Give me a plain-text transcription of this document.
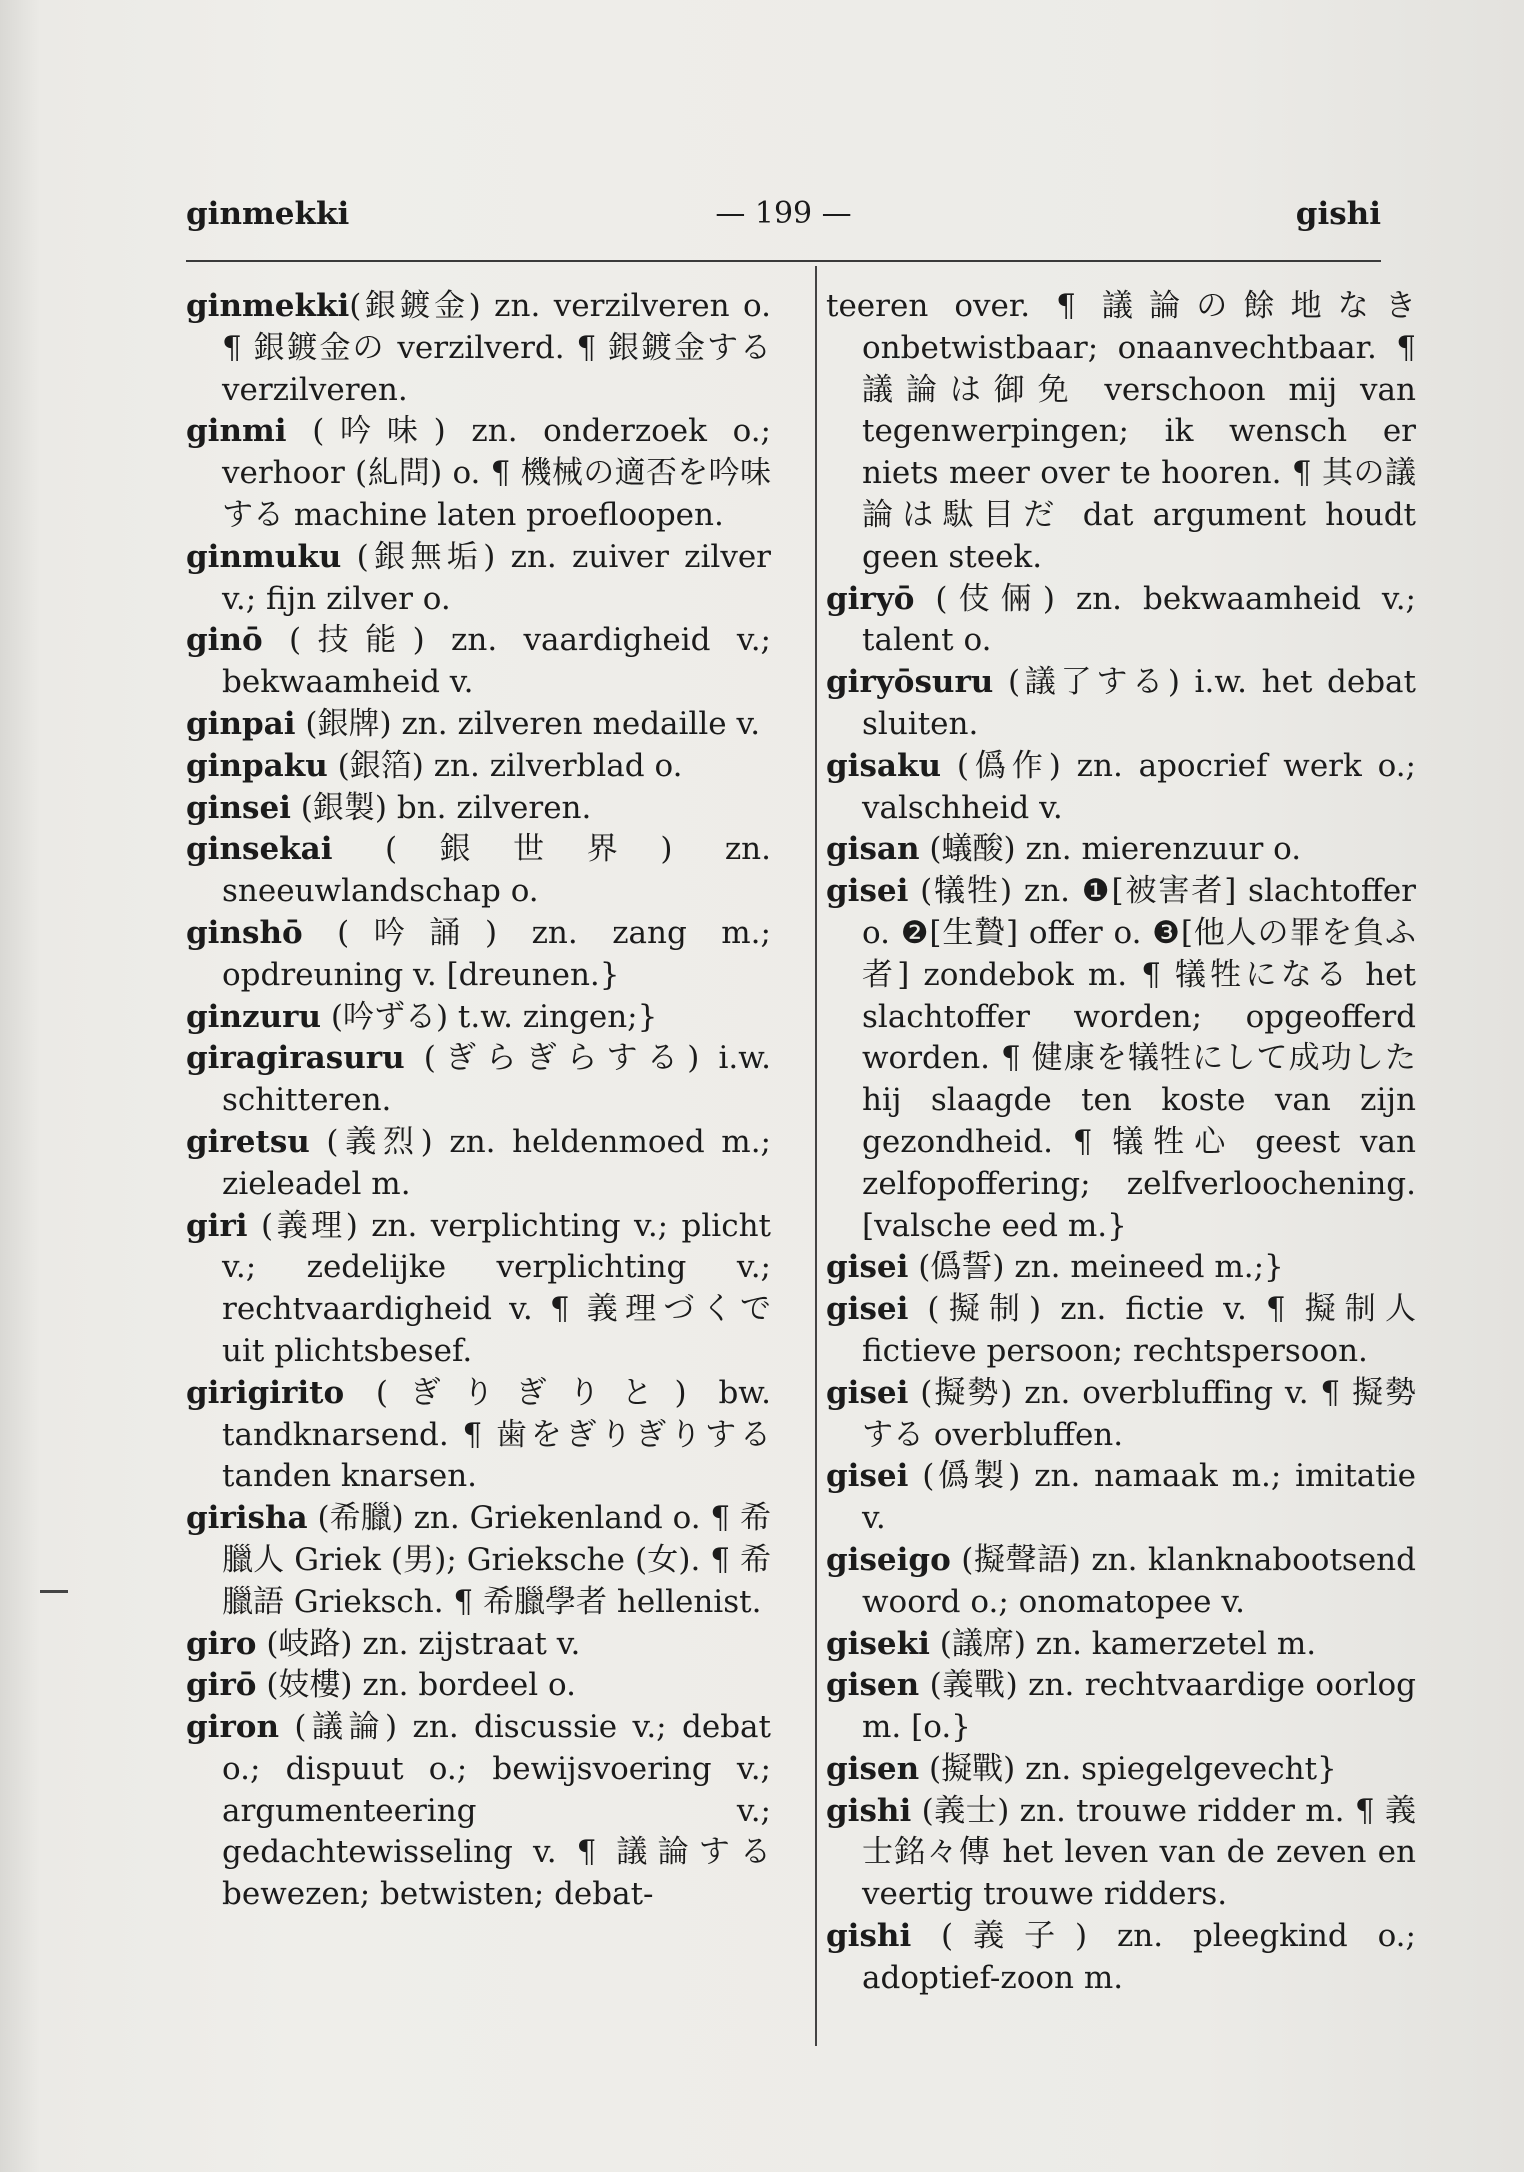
ginmekki	— 199 —	gishi

ginmekki(銀鍍金) zn. verzilveren o. ¶ 銀鍍金の verzilverd. ¶ 銀鍍金する verzilveren.

ginmi (吟味) zn. onderzoek o.; verhoor (糺問) o. ¶ 機械の適否を吟味する machine laten proefloopen.

ginmuku (銀無垢) zn. zuiver zilver v.; fijn zilver o.

ginō (技能) zn. vaardigheid v.; bekwaamheid v.

ginpai (銀牌) zn. zilveren medaille v.

ginpaku (銀箔) zn. zilverblad o.

ginsei (銀製) bn. zilveren.

ginsekai (銀世界) zn. sneeuwlandschap o.

ginshō (吟誦) zn. zang m.; opdreuning v. [dreunen.}

ginzuru (吟ずる) t.w. zingen;}

giragirasuru (ぎらぎらする) i.w. schitteren.

giretsu (義烈) zn. heldenmoed m.; zieleadel m.

giri (義理) zn. verplichting v.; plicht v.; zedelijke verplichting v.; rechtvaardigheid v. ¶ 義理づくで uit plichtsbesef.

girigirito (ぎりぎりと) bw. tandknarsend. ¶ 歯をぎりぎりする tanden knarsen.

girisha (希臘) zn. Griekenland o. ¶ 希臘人 Griek (男); Grieksche (女). ¶ 希臘語 Grieksch. ¶ 希臘學者 hellenist.

giro (岐路) zn. zijstraat v.

girō (妓樓) zn. bordeel o.

giron (議論) zn. discussie v.; debat o.; dispuut o.; bewijsvoering v.; argumenteering v.; gedachtewisseling v. ¶ 議論する bewezen; betwisten; debat-

teeren over. ¶ 議論の餘地なき onbetwistbaar; onaanvechtbaar. ¶ 議論は御免 verschoon mij van tegenwerpingen; ik wensch er niets meer over te hooren. ¶ 其の議論は駄目だ dat argument houdt geen steek.

giryō (伎倆) zn. bekwaamheid v.; talent o.

giryōsuru (議了する) i.w. het debat sluiten.

gisaku (僞作) zn. apocrief werk o.; valschheid v.

gisan (蟻酸) zn. mierenzuur o.

gisei (犠牲) zn. ❶[被害者] slachtoffer o. ❷[生贄] offer o. ❸[他人の罪を負ふ者] zondebok m. ¶ 犠牲になる het slachtoffer worden; opgeofferd worden. ¶ 健康を犠牲にして成功した hij slaagde ten koste van zijn gezondheid. ¶ 犠牲心 geest van zelfopoffering; zelfverloochening. [valsche eed m.}

gisei (僞誓) zn. meineed m.;}

gisei (擬制) zn. fictie v. ¶ 擬制人 fictieve persoon; rechtspersoon.

gisei (擬勢) zn. overbluffing v. ¶ 擬勢する overbluffen.

gisei (僞製) zn. namaak m.; imitatie v.

giseigo (擬聲語) zn. klanknabootsend woord o.; onomatopee v.

giseki (議席) zn. kamerzetel m.

gisen (義戰) zn. rechtvaardige oorlog m. [o.}

gisen (擬戰) zn. spiegelgevecht}

gishi (義士) zn. trouwe ridder m. ¶ 義士銘々傳 het leven van de zeven en veertig trouwe ridders.

gishi (義子) zn. pleegkind o.; adoptief-zoon m.
